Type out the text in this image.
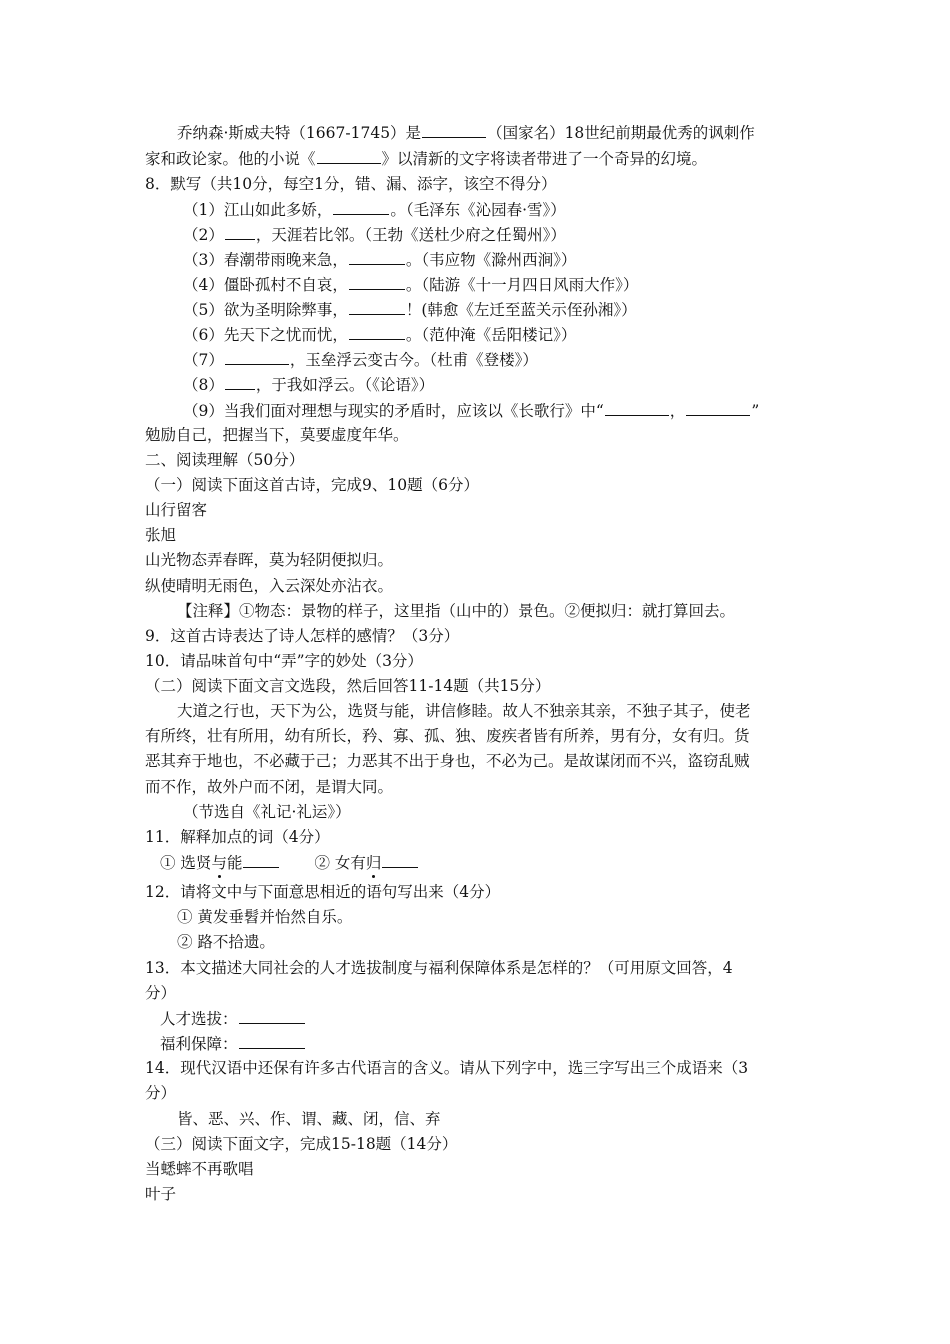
乔纳森·斯威夫特（1667-1745）是	（国家名）18世纪前期最优秀的讽刺作
家和政论家。他的小说《	》以清新的文字将读者带进了一个奇异的幻境。
8．默写（共10分，每空1分，错、漏、添字，该空不得分）
（1）江山如此多娇，	。（毛泽东《沁园春·雪》）
（2） ，天涯若比邻。（王勃《送杜少府之任蜀州》）
（3）春潮带雨晚来急，	。（韦应物《滁州西涧》）
（4）僵卧孤村不自哀，	。（陆游《十一月四日风雨大作》）
（5）欲为圣明除弊事，	！(韩愈《左迁至蓝关示侄孙湘》）
（6）先天下之忧而忧，	。（范仲淹《岳阳楼记》）
（7）	，玉垒浮云变古今。（杜甫《登楼》）
（8） ，于我如浮云。（《论语》）
（9）当我们面对理想与现实的矛盾时，应该以《长歌行》中“	，	”
勉励自己，把握当下，莫要虚度年华。
二、阅读理解（50分）
（一）阅读下面这首古诗，完成9、10题（6分）
山行留客
张旭
山光物态弄春晖，莫为轻阴便拟归。
纵使晴明无雨色，入云深处亦沾衣。
【注释】①物态：景物的样子，这里指（山中的）景色。②便拟归：就打算回去。
9．这首古诗表达了诗人怎样的感情？（3分）
10．请品味首句中“弄”字的妙处（3分）
（二）阅读下面文言文选段，然后回答11-14题（共15分）
大道之行也，天下为公，选贤与能，讲信修睦。故人不独亲其亲，不独子其子，使老
有所终，壮有所用，幼有所长，矜、寡、孤、独、废疾者皆有所养，男有分，女有归。货
恶其弃于地也，不必藏于己；力恶其不出于身也，不必为己。是故谋闭而不兴，盗窃乱贼
而不作，故外户而不闭，是谓大同。
（节选自《礼记·礼运》）
11．解释加点的词（4分）
① 选贤与能	② 女有归
12．请将文中与下面意思相近的语句写出来（4分）
① 黄发垂髫并怡然自乐。
② 路不拾遗。
13．本文描述大同社会的人才选拔制度与福利保障体系是怎样的？（可用原文回答，4
分）
人才选拔：
福利保障：
14．现代汉语中还保有许多古代语言的含义。请从下列字中，选三字写出三个成语来（3
分）
皆、恶、兴、作、谓、藏、闭，信、弃
（三）阅读下面文字，完成15-18题（14分）
当蟋蟀不再歌唱
叶子
